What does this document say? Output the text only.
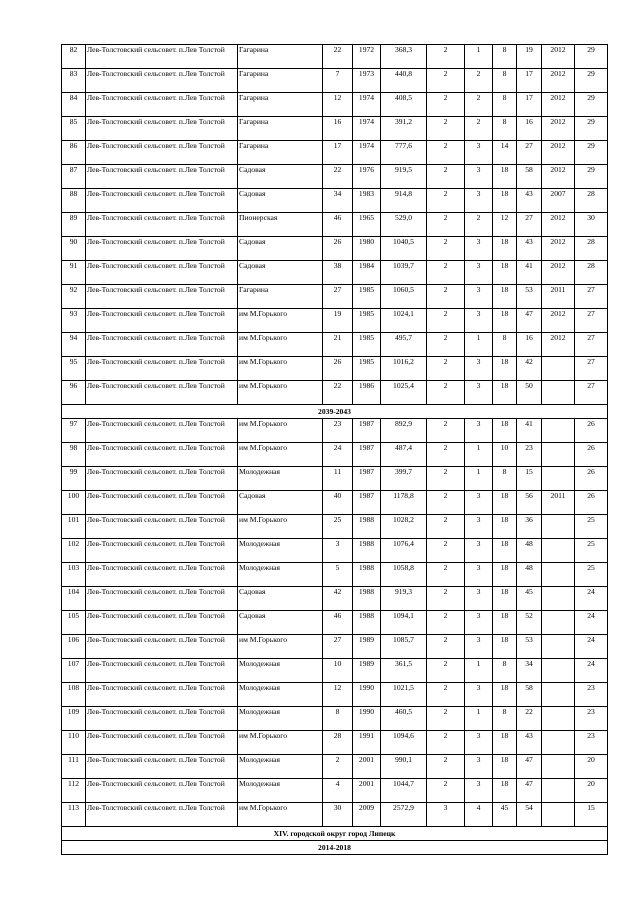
82	Лев-Толстовский сельсовет. п.Лев Толстой	Гагарина	22	1972	368,3	2	1	8	19	2012	29
83	Лев-Толстовский сельсовет. п.Лев Толстой	Гагарина	7	1973	440,8	2	2	8	17	2012	29
84	Лев-Толстовский сельсовет. п.Лев Толстой	Гагарина	12	1974	408,5	2	2	8	17	2012	29
85	Лев-Толстовский сельсовет. п.Лев Толстой	Гагарина	16	1974	391,2	2	2	8	16	2012	29
86	Лев-Толстовский сельсовет. п.Лев Толстой	Гагарина	17	1974	777,6	2	3	14	27	2012	29
87	Лев-Толстовский сельсовет. п.Лев Толстой	Садовая	22	1976	919,5	2	3	18	58	2012	29
88	Лев-Толстовский сельсовет. п.Лев Толстой	Садовая	34	1983	914,8	2	3	18	43	2007	28
89	Лев-Толстовский сельсовет. п.Лев Толстой	Пионерская	46	1965	529,0	2	2	12	27	2012	30
90	Лев-Толстовский сельсовет. п.Лев Толстой	Садовая	26	1980	1040,5	2	3	18	43	2012	28
91	Лев-Толстовский сельсовет. п.Лев Толстой	Садовая	38	1984	1039,7	2	3	18	41	2012	28
92	Лев-Толстовский сельсовет. п.Лев Толстой	Гагарина	27	1985	1060,5	2	3	18	53	2011	27
93	Лев-Толстовский сельсовет. п.Лев Толстой	им М.Горького	19	1985	1024,1	2	3	18	47	2012	27
94	Лев-Толстовский сельсовет. п.Лев Толстой	им М.Горького	21	1985	495,7	2	1	8	16	2012	27
95	Лев-Толстовский сельсовет. п.Лев Толстой	им М.Горького	26	1985	1016,2	2	3	18	42		27
96	Лев-Толстовский сельсовет. п.Лев Толстой	им М.Горького	22	1986	1025,4	2	3	18	50		27
2039-2043											
97	Лев-Толстовский сельсовет. п.Лев Толстой	им М.Горького	23	1987	892,9	2	3	18	41		26
98	Лев-Толстовский сельсовет. п.Лев Толстой	им М.Горького	24	1987	487,4	2	1	10	23		26
99	Лев-Толстовский сельсовет. п.Лев Толстой	Молодежная	11	1987	399,7	2	1	8	15		26
100	Лев-Толстовский сельсовет. п.Лев Толстой	Садовая	40	1987	1178,8	2	3	18	56	2011	26
101	Лев-Толстовский сельсовет. п.Лев Толстой	им М.Горького	25	1988	1028,2	2	3	18	36		25
102	Лев-Толстовский сельсовет. п.Лев Толстой	Молодежная	3	1988	1076,4	2	3	18	48		25
103	Лев-Толстовский сельсовет. п.Лев Толстой	Молодежная	5	1988	1058,8	2	3	18	48		25
104	Лев-Толстовский сельсовет. п.Лев Толстой	Садовая	42	1988	919,3	2	3	18	45		24
105	Лев-Толстовский сельсовет. п.Лев Толстой	Садовая	46	1988	1094,1	2	3	18	52		24
106	Лев-Толстовский сельсовет. п.Лев Толстой	им М.Горького	27	1989	1085,7	2	3	18	53		24
107	Лев-Толстовский сельсовет. п.Лев Толстой	Молодежная	10	1989	361,5	2	1	8	34		24
108	Лев-Толстовский сельсовет. п.Лев Толстой	Молодежная	12	1990	1021,5	2	3	18	58		23
109	Лев-Толстовский сельсовет. п.Лев Толстой	Молодежная	8	1990	460,5	2	1	8	22		23
110	Лев-Толстовский сельсовет. п.Лев Толстой	им М.Горького	28	1991	1094,6	2	3	18	43		23
111	Лев-Толстовский сельсовет. п.Лев Толстой	Молодежная	2	2001	990,1	2	3	18	47		20
112	Лев-Толстовский сельсовет. п.Лев Толстой	Молодежная	4	2001	1044,7	2	3	18	47		20
113	Лев-Толстовский сельсовет. п.Лев Толстой	им М.Горького	30	2009	2572,9	3	4	45	54		15
XIV. городской округ город Липецк											
2014-2018											
